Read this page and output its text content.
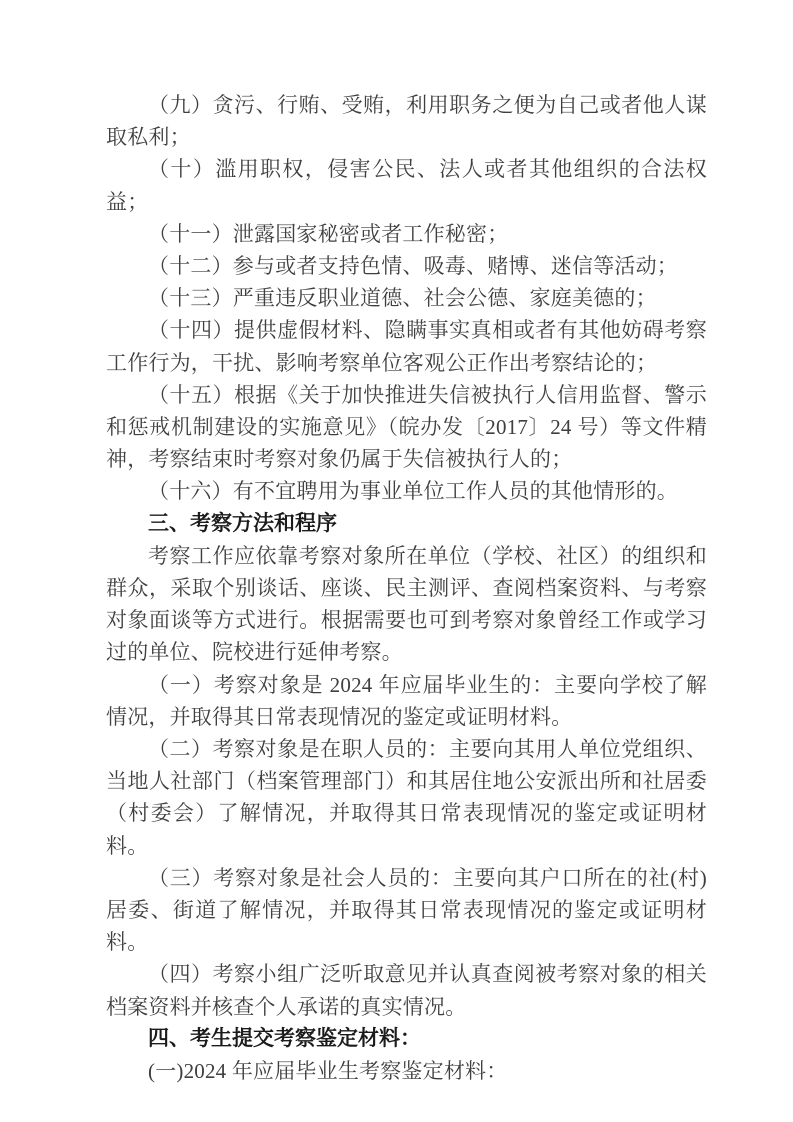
（九）贪污、行贿、受贿，利用职务之便为自己或者他人谋取私利；

（十）滥用职权，侵害公民、法人或者其他组织的合法权益；

（十一）泄露国家秘密或者工作秘密；

（十二）参与或者支持色情、吸毒、赌博、迷信等活动；

（十三）严重违反职业道德、社会公德、家庭美德的；

（十四）提供虚假材料、隐瞒事实真相或者有其他妨碍考察工作行为，干扰、影响考察单位客观公正作出考察结论的；

（十五）根据《关于加快推进失信被执行人信用监督、警示和惩戒机制建设的实施意见》（皖办发〔2017〕24 号）等文件精神，考察结束时考察对象仍属于失信被执行人的；

（十六）有不宜聘用为事业单位工作人员的其他情形的。

三、考察方法和程序

考察工作应依靠考察对象所在单位（学校、社区）的组织和群众，采取个别谈话、座谈、民主测评、查阅档案资料、与考察对象面谈等方式进行。根据需要也可到考察对象曾经工作或学习过的单位、院校进行延伸考察。

（一）考察对象是 2024 年应届毕业生的：主要向学校了解情况，并取得其日常表现情况的鉴定或证明材料。

（二）考察对象是在职人员的：主要向其用人单位党组织、当地人社部门（档案管理部门）和其居住地公安派出所和社居委（村委会）了解情况，并取得其日常表现情况的鉴定或证明材料。

（三）考察对象是社会人员的：主要向其户口所在的社(村)居委、街道了解情况，并取得其日常表现情况的鉴定或证明材料。

（四）考察小组广泛听取意见并认真查阅被考察对象的相关档案资料并核查个人承诺的真实情况。

四、考生提交考察鉴定材料：

(一)2024 年应届毕业生考察鉴定材料：
